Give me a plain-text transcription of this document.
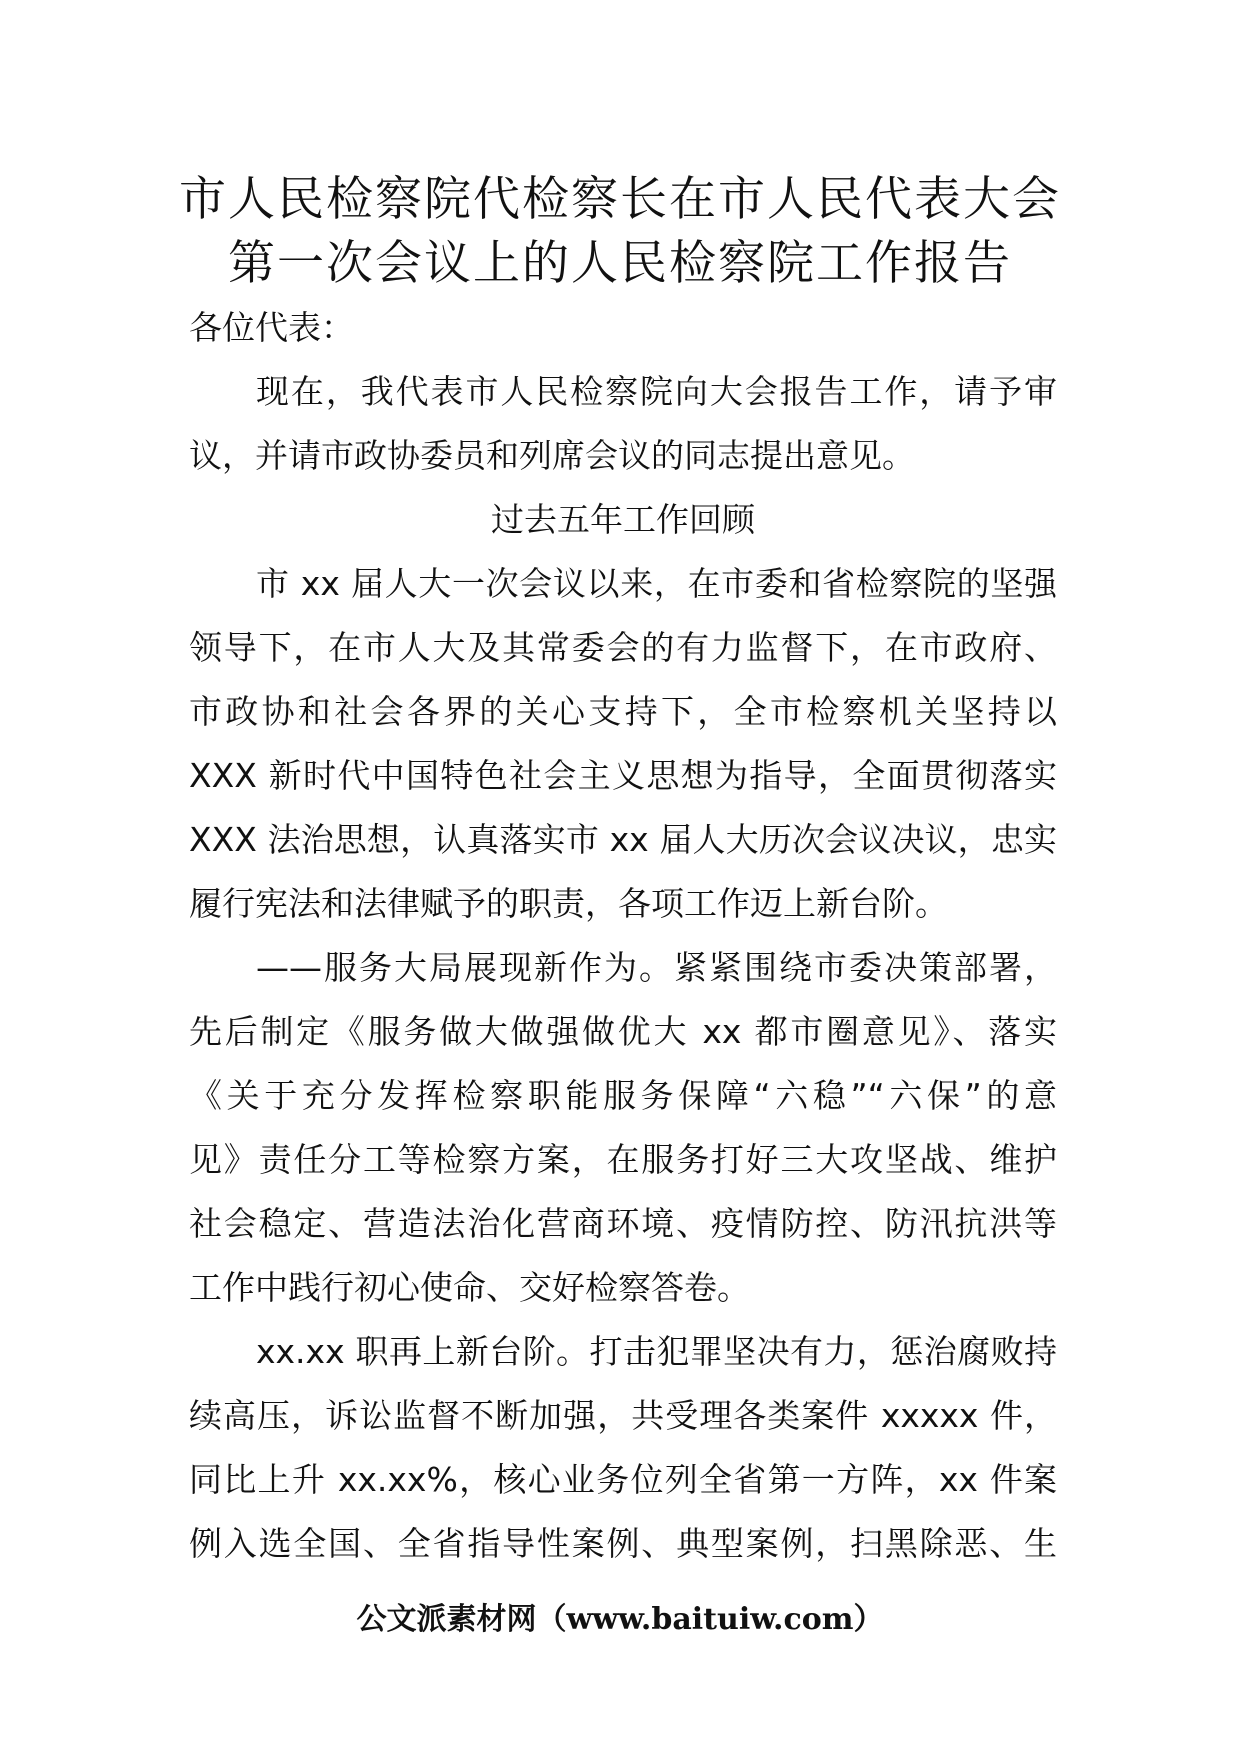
市人民检察院代检察长在市人民代表大会
第一次会议上的人民检察院工作报告
各位代表：
现在，我代表市人民检察院向大会报告工作，请予审
议，并请市政协委员和列席会议的同志提出意见。
过去五年工作回顾
市 xx 届人大一次会议以来，在市委和省检察院的坚强
领导下，在市人大及其常委会的有力监督下，在市政府、
市政协和社会各界的关心支持下，全市检察机关坚持以
XXX 新时代中国特色社会主义思想为指导，全面贯彻落实
XXX 法治思想，认真落实市 xx 届人大历次会议决议，忠实
履行宪法和法律赋予的职责，各项工作迈上新台阶。
——服务大局展现新作为。紧紧围绕市委决策部署，
先后制定《服务做大做强做优大 xx 都市圈意见》、落实
《关于充分发挥检察职能服务保障“六稳”“六保”的意
见》责任分工等检察方案，在服务打好三大攻坚战、维护
社会稳定、营造法治化营商环境、疫情防控、防汛抗洪等
工作中践行初心使命、交好检察答卷。
xx.xx 职再上新台阶。打击犯罪坚决有力，惩治腐败持
续高压，诉讼监督不断加强，共受理各类案件 xxxxx 件，
同比上升 xx.xx%，核心业务位列全省第一方阵，xx 件案
例入选全国、全省指导性案例、典型案例，扫黑除恶、生
公文派素材网（www.baituiw.com）
